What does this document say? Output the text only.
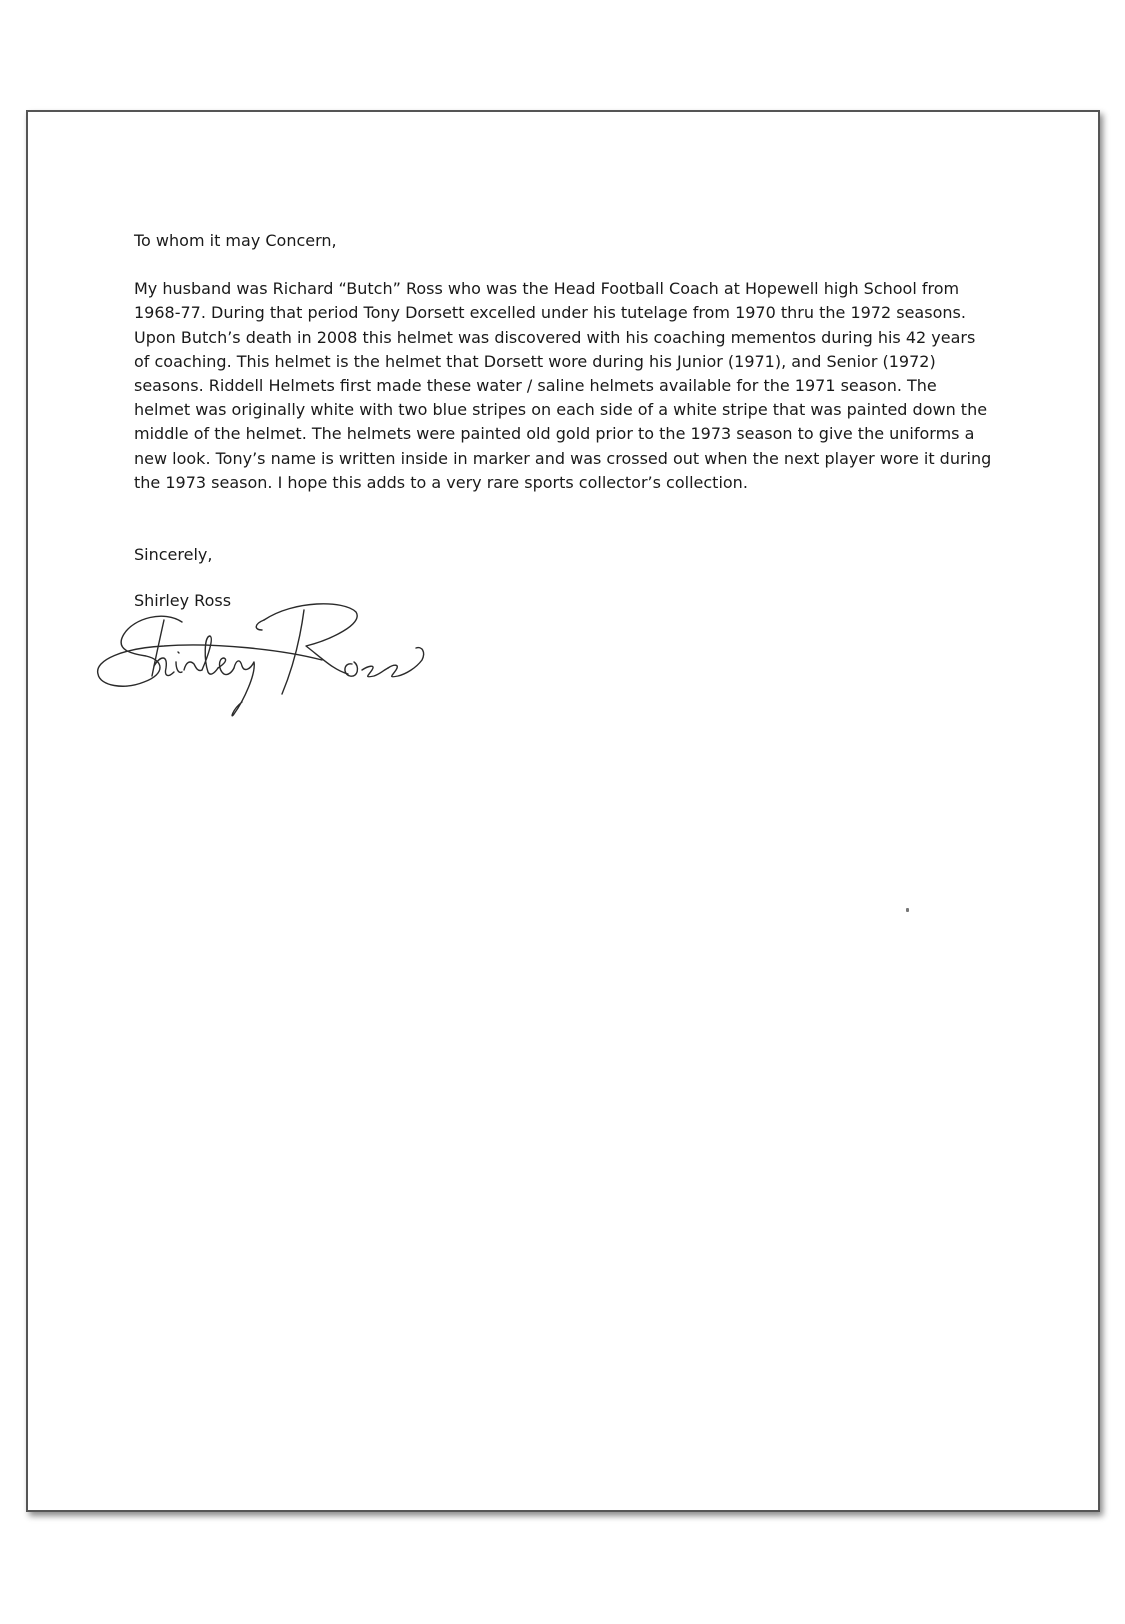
To whom it may Concern,

My husband was Richard “Butch” Ross who was the Head Football Coach at Hopewell high School from 1968-77. During that period Tony Dorsett excelled under his tutelage from 1970 thru the 1972 seasons. Upon Butch’s death in 2008 this helmet was discovered with his coaching mementos during his 42 years of coaching. This helmet is the helmet that Dorsett wore during his Junior (1971), and Senior (1972) seasons. Riddell Helmets first made these water / saline helmets available for the 1971 season. The helmet was originally white with two blue stripes on each side of a white stripe that was painted down the middle of the helmet. The helmets were painted old gold prior to the 1973 season to give the uniforms a new look. Tony’s name is written inside in marker and was crossed out when the next player wore it during the 1973 season. I hope this adds to a very rare sports collector’s collection.

Sincerely,

Shirley Ross
